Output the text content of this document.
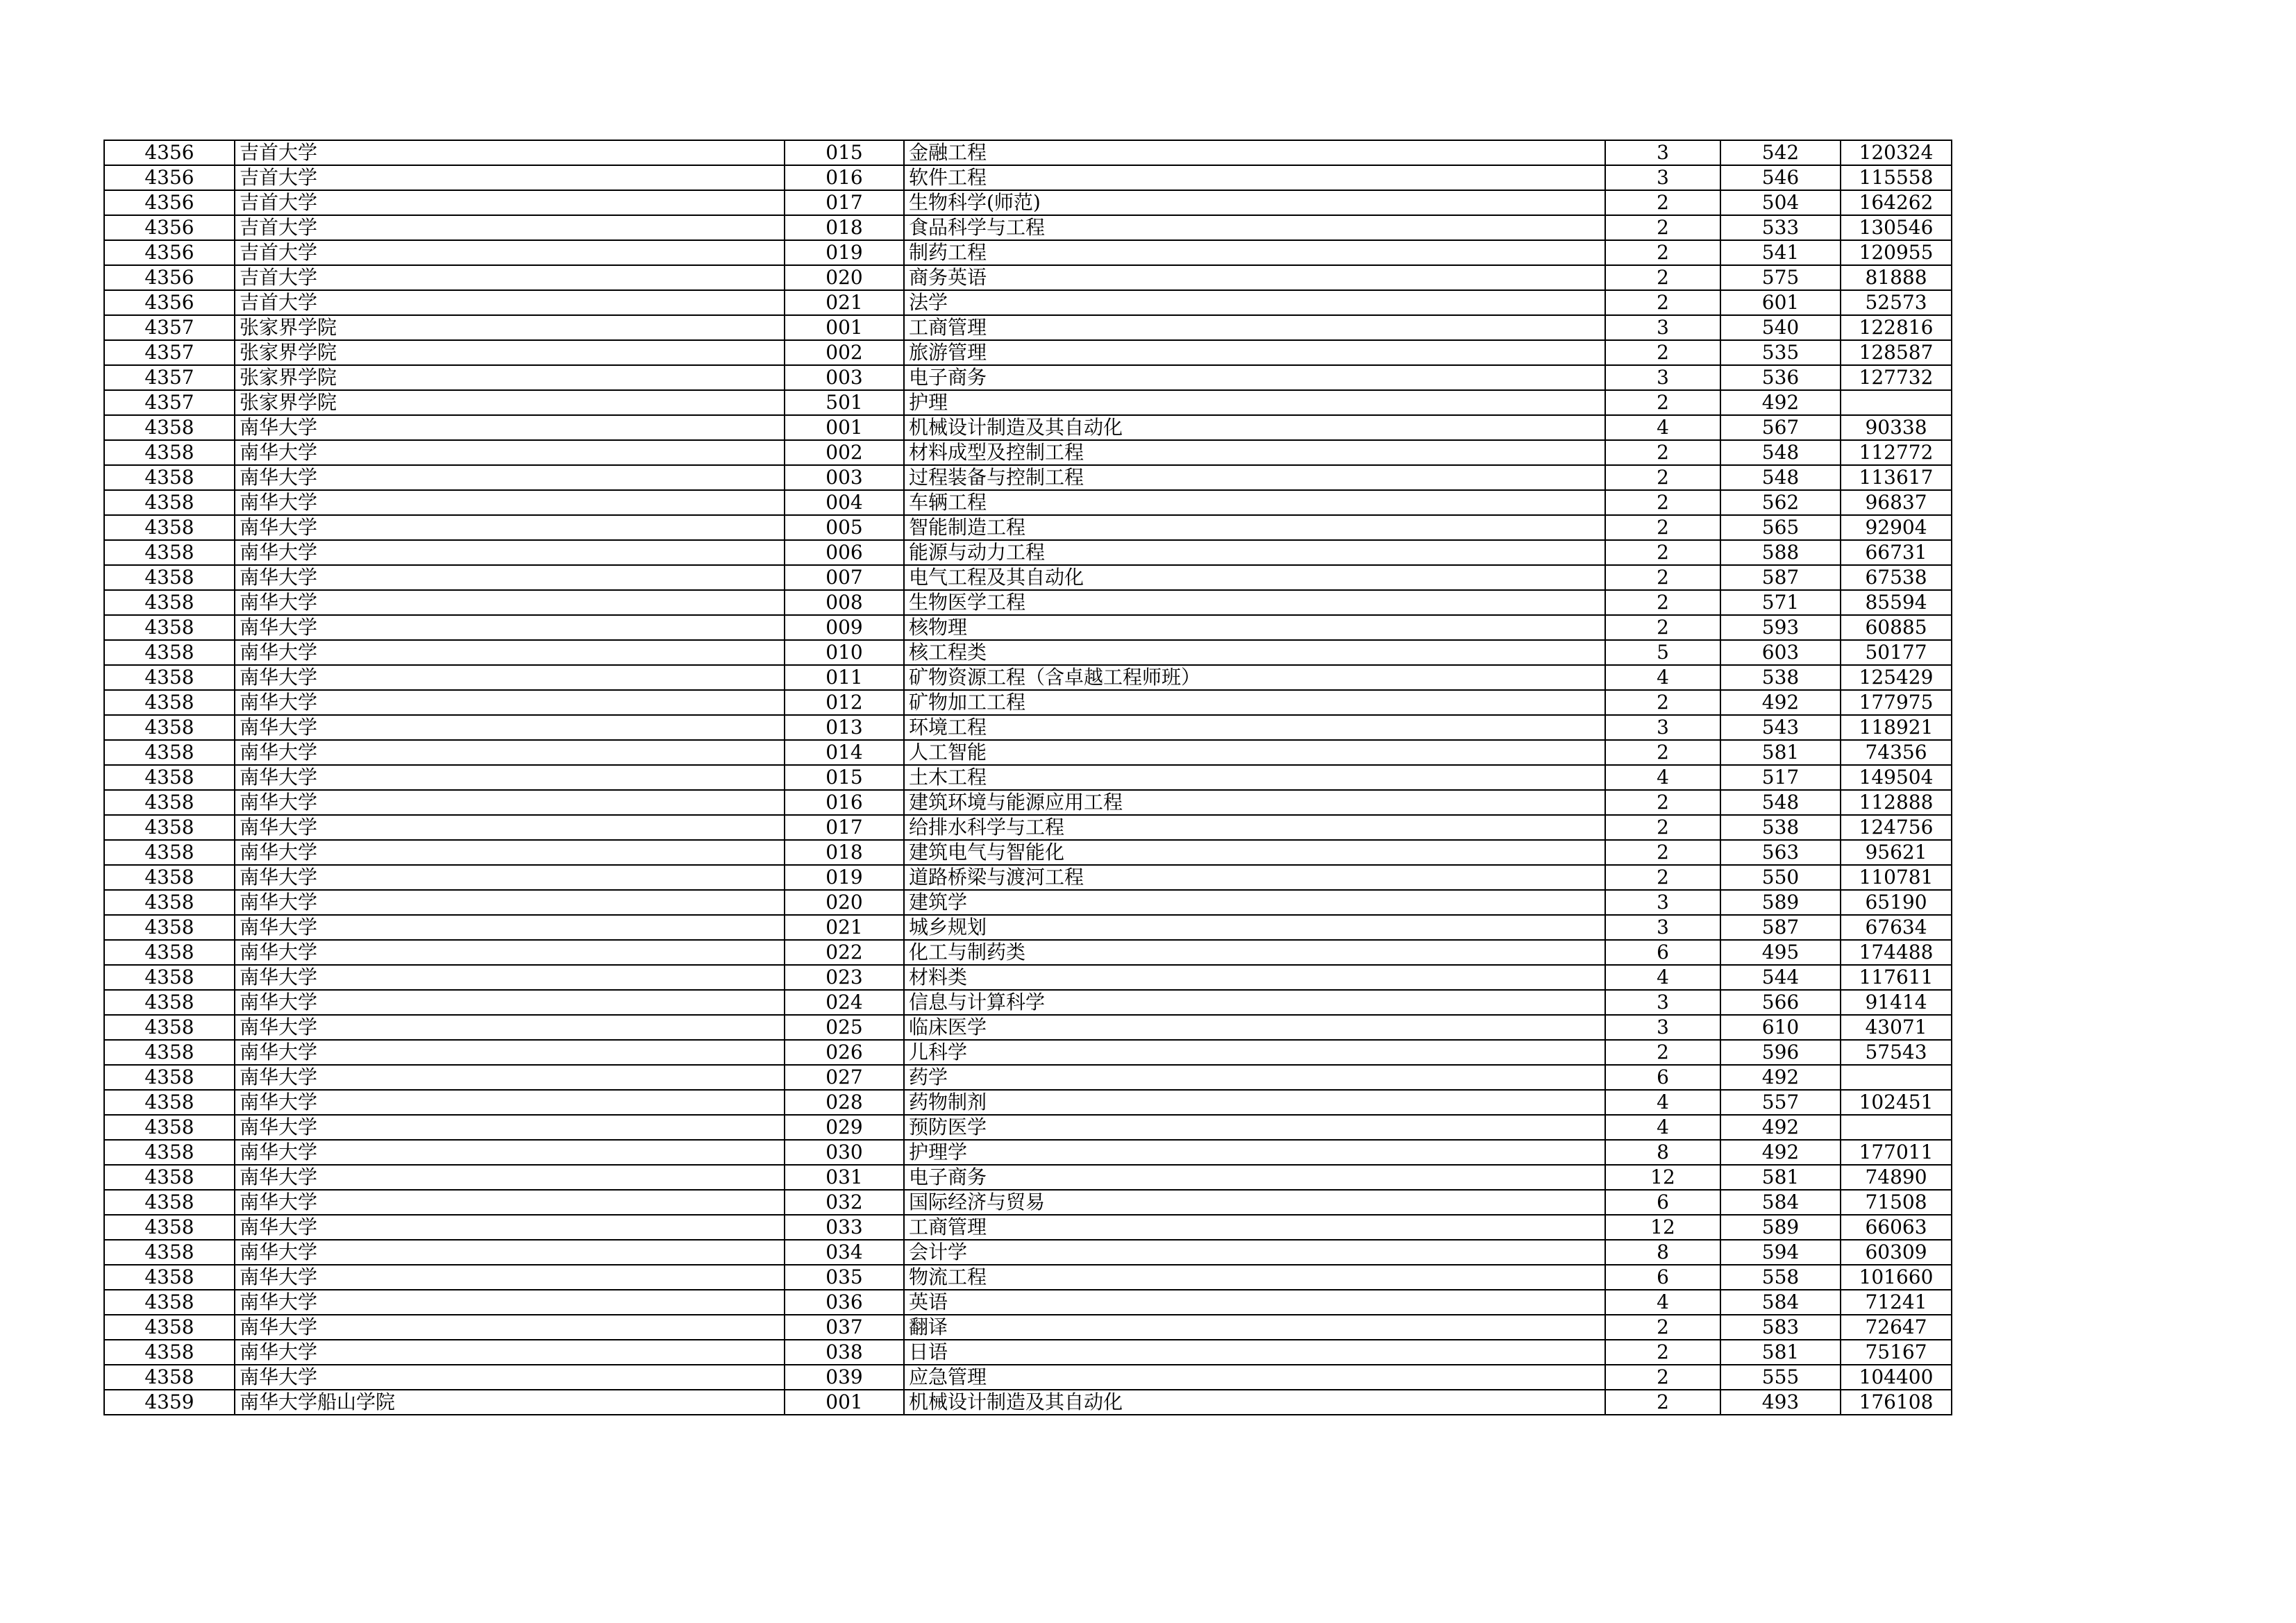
4356	吉首大学	015	金融工程	3	542	120324
4356	吉首大学	016	软件工程	3	546	115558
4356	吉首大学	017	生物科学(师范)	2	504	164262
4356	吉首大学	018	食品科学与工程	2	533	130546
4356	吉首大学	019	制药工程	2	541	120955
4356	吉首大学	020	商务英语	2	575	81888
4356	吉首大学	021	法学	2	601	52573
4357	张家界学院	001	工商管理	3	540	122816
4357	张家界学院	002	旅游管理	2	535	128587
4357	张家界学院	003	电子商务	3	536	127732
4357	张家界学院	501	护理	2	492	
4358	南华大学	001	机械设计制造及其自动化	4	567	90338
4358	南华大学	002	材料成型及控制工程	2	548	112772
4358	南华大学	003	过程装备与控制工程	2	548	113617
4358	南华大学	004	车辆工程	2	562	96837
4358	南华大学	005	智能制造工程	2	565	92904
4358	南华大学	006	能源与动力工程	2	588	66731
4358	南华大学	007	电气工程及其自动化	2	587	67538
4358	南华大学	008	生物医学工程	2	571	85594
4358	南华大学	009	核物理	2	593	60885
4358	南华大学	010	核工程类	5	603	50177
4358	南华大学	011	矿物资源工程（含卓越工程师班）	4	538	125429
4358	南华大学	012	矿物加工工程	2	492	177975
4358	南华大学	013	环境工程	3	543	118921
4358	南华大学	014	人工智能	2	581	74356
4358	南华大学	015	土木工程	4	517	149504
4358	南华大学	016	建筑环境与能源应用工程	2	548	112888
4358	南华大学	017	给排水科学与工程	2	538	124756
4358	南华大学	018	建筑电气与智能化	2	563	95621
4358	南华大学	019	道路桥梁与渡河工程	2	550	110781
4358	南华大学	020	建筑学	3	589	65190
4358	南华大学	021	城乡规划	3	587	67634
4358	南华大学	022	化工与制药类	6	495	174488
4358	南华大学	023	材料类	4	544	117611
4358	南华大学	024	信息与计算科学	3	566	91414
4358	南华大学	025	临床医学	3	610	43071
4358	南华大学	026	儿科学	2	596	57543
4358	南华大学	027	药学	6	492	
4358	南华大学	028	药物制剂	4	557	102451
4358	南华大学	029	预防医学	4	492	
4358	南华大学	030	护理学	8	492	177011
4358	南华大学	031	电子商务	12	581	74890
4358	南华大学	032	国际经济与贸易	6	584	71508
4358	南华大学	033	工商管理	12	589	66063
4358	南华大学	034	会计学	8	594	60309
4358	南华大学	035	物流工程	6	558	101660
4358	南华大学	036	英语	4	584	71241
4358	南华大学	037	翻译	2	583	72647
4358	南华大学	038	日语	2	581	75167
4358	南华大学	039	应急管理	2	555	104400
4359	南华大学船山学院	001	机械设计制造及其自动化	2	493	176108
